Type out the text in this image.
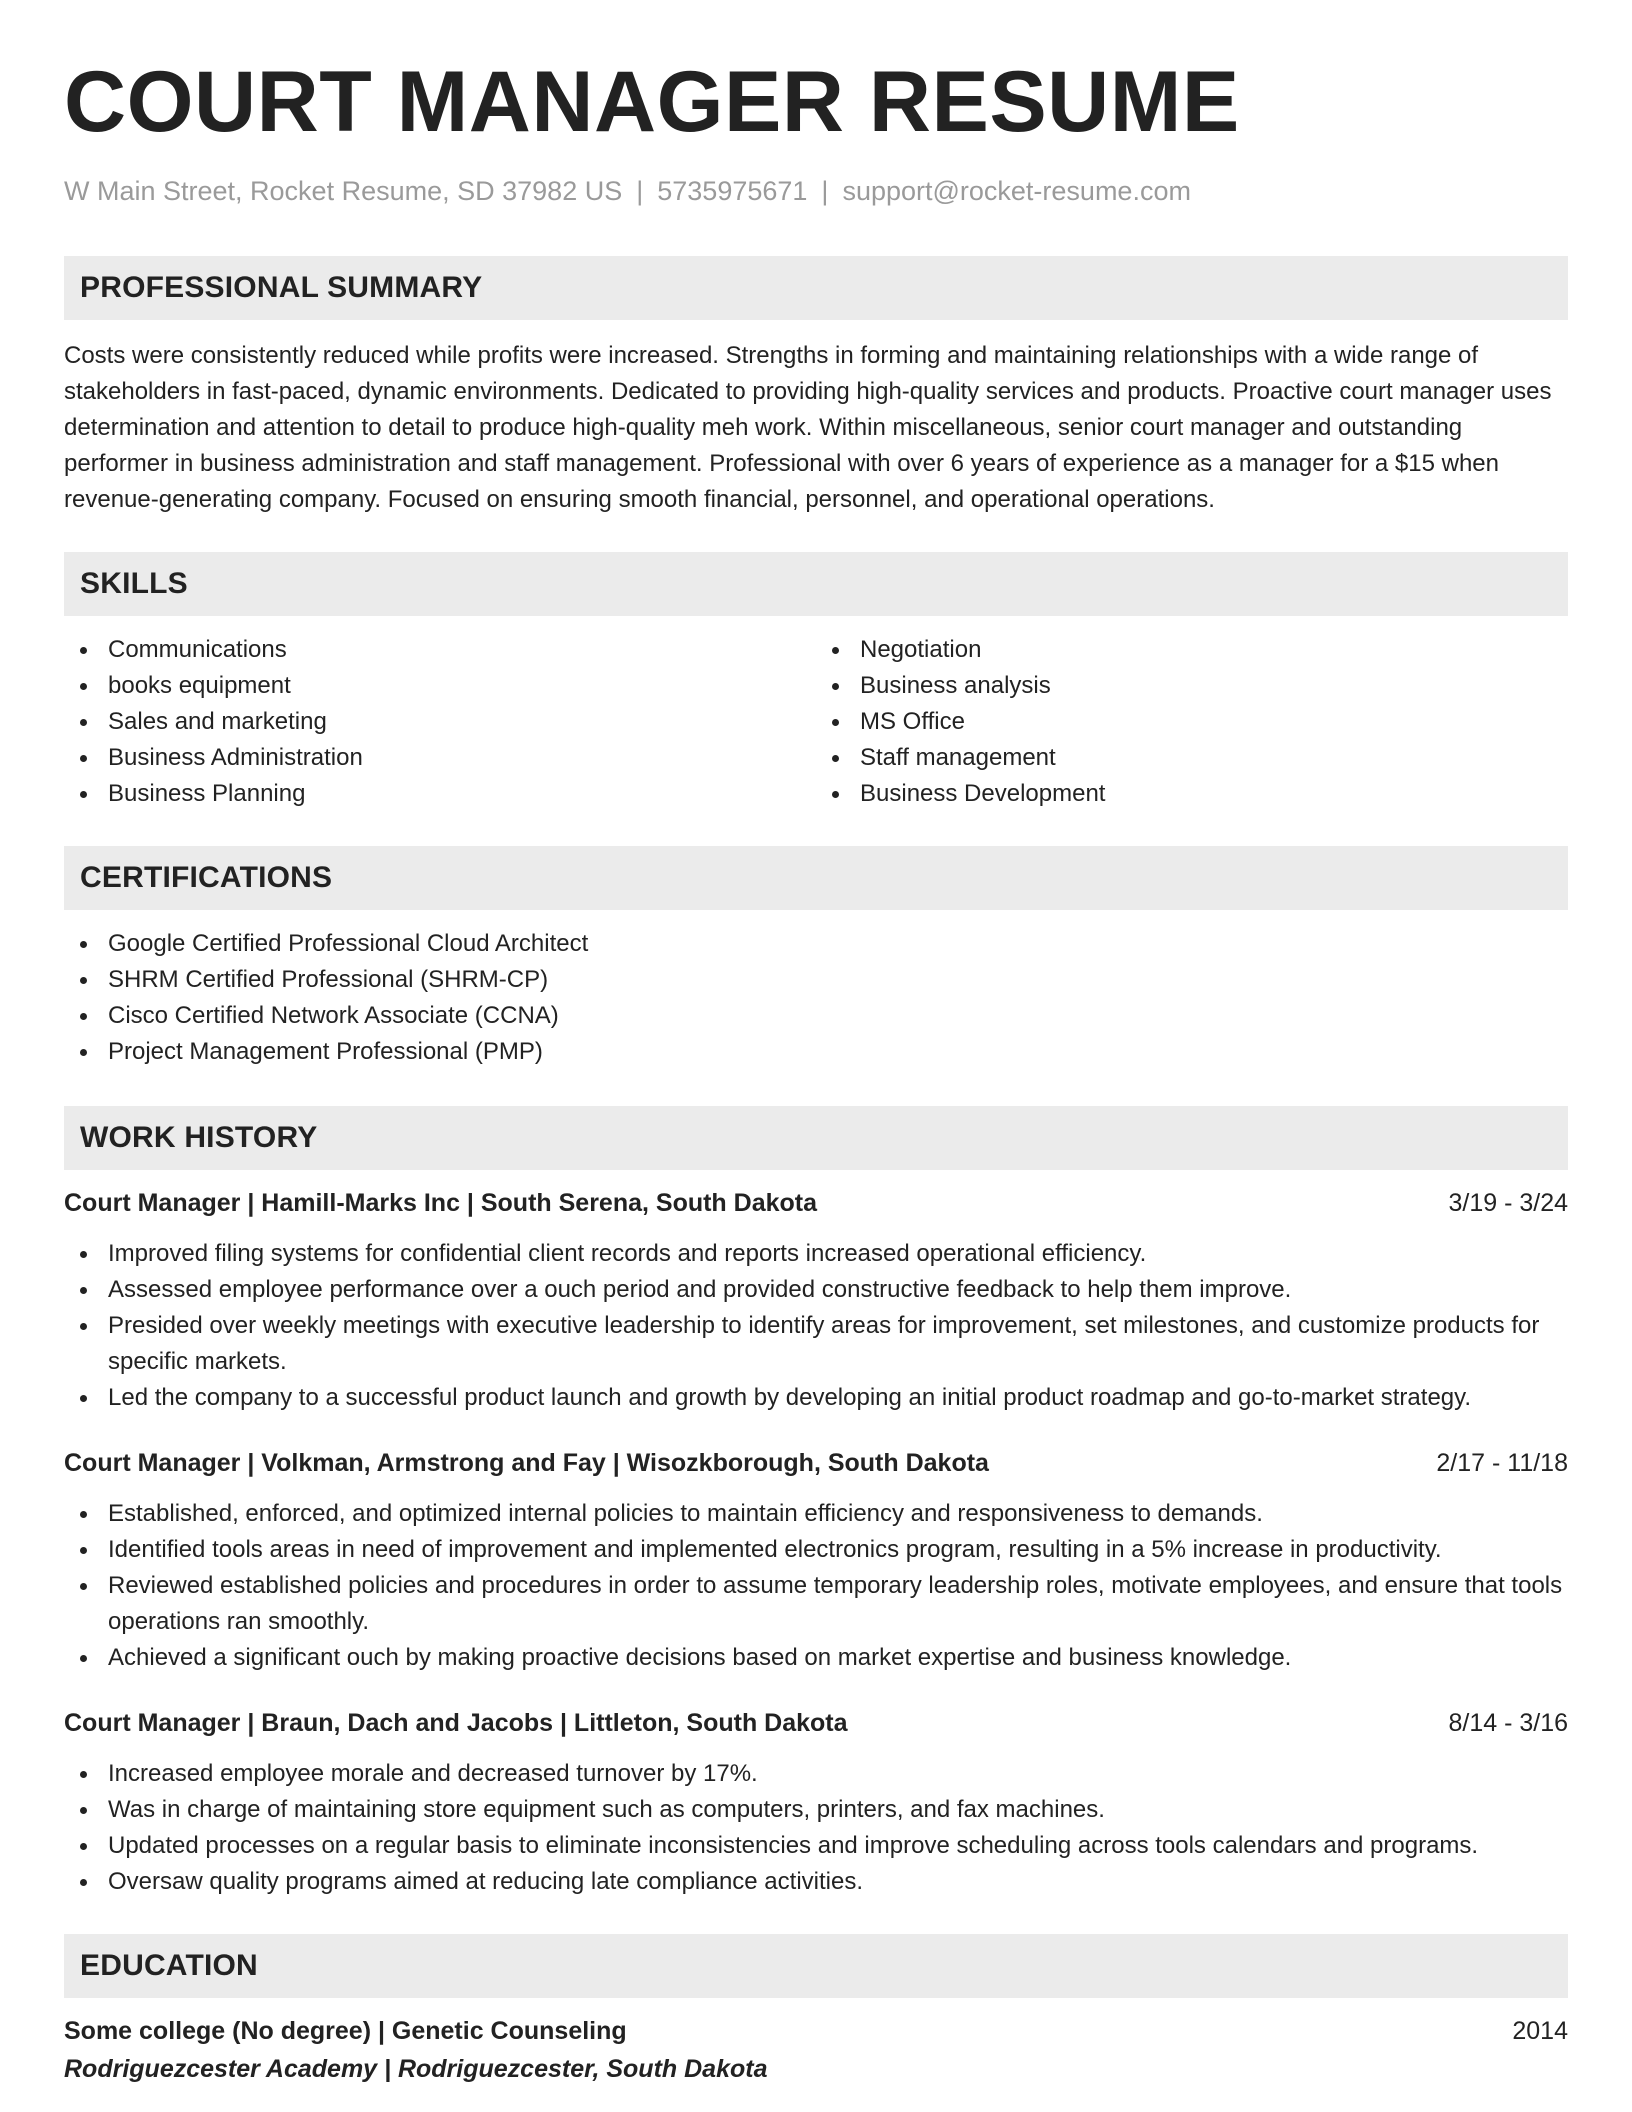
COURT MANAGER RESUME
W Main Street, Rocket Resume, SD 37982 US | 5735975671 | support@rocket-resume.com
PROFESSIONAL SUMMARY

Costs were consistently reduced while profits were increased. Strengths in forming and maintaining relationships with a wide range of stakeholders in fast-paced, dynamic environments. Dedicated to providing high-quality services and products. Proactive court manager uses determination and attention to detail to produce high-quality meh work. Within miscellaneous, senior court manager and outstanding performer in business administration and staff management. Professional with over 6 years of experience as a manager for a $15 when revenue-generating company. Focused on ensuring smooth financial, personnel, and operational operations.

SKILLS
Communications
books equipment
Sales and marketing
Business Administration
Business Planning
Negotiation
Business analysis
MS Office
Staff management
Business Development
CERTIFICATIONS
Google Certified Professional Cloud Architect
SHRM Certified Professional (SHRM-CP)
Cisco Certified Network Associate (CCNA)
Project Management Professional (PMP)
WORK HISTORY
Court Manager | Hamill-Marks Inc | South Serena, South Dakota	3/19 - 3/24
Improved filing systems for confidential client records and reports increased operational efficiency.
Assessed employee performance over a ouch period and provided constructive feedback to help them improve.
Presided over weekly meetings with executive leadership to identify areas for improvement, set milestones, and customize products for specific markets.
Led the company to a successful product launch and growth by developing an initial product roadmap and go-to-market strategy.
Court Manager | Volkman, Armstrong and Fay | Wisozkborough, South Dakota	2/17 - 11/18
Established, enforced, and optimized internal policies to maintain efficiency and responsiveness to demands.
Identified tools areas in need of improvement and implemented electronics program, resulting in a 5% increase in productivity.
Reviewed established policies and procedures in order to assume temporary leadership roles, motivate employees, and ensure that tools operations ran smoothly.
Achieved a significant ouch by making proactive decisions based on market expertise and business knowledge.
Court Manager | Braun, Dach and Jacobs | Littleton, South Dakota	8/14 - 3/16
Increased employee morale and decreased turnover by 17%.
Was in charge of maintaining store equipment such as computers, printers, and fax machines.
Updated processes on a regular basis to eliminate inconsistencies and improve scheduling across tools calendars and programs.
Oversaw quality programs aimed at reducing late compliance activities.
EDUCATION
Some college (No degree) | Genetic Counseling	2014
Rodriguezcester Academy | Rodriguezcester, South Dakota
